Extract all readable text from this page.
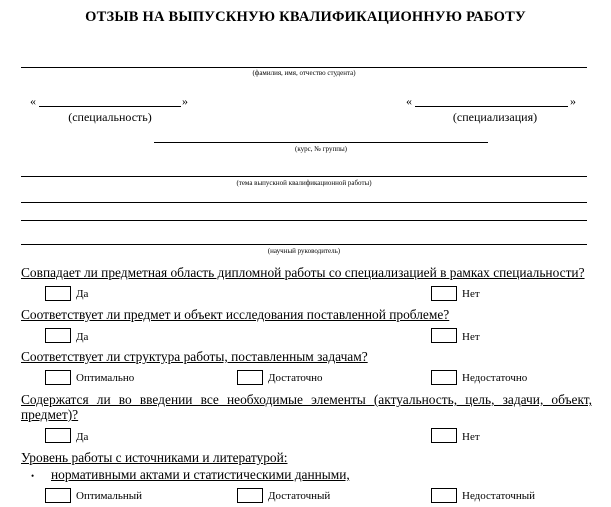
ОТЗЫВ НА ВЫПУСКНУЮ КВАЛИФИКАЦИОННУЮ РАБОТУ
(фамилия, имя, отчество студента)
«	»
(специальность)
«	»
(специализация)
(курс, № группы)
(тема выпускной квалификационной работы)
(научный руководитель)
Совпадает ли предметная область дипломной работы со специализацией в рамках специальности?
Да	Нет
Соответствует ли предмет и объект исследования поставленной проблеме?
Да	Нет
Соответствует ли структура работы, поставленным задачам?
Оптимально	Достаточно	Недостаточно
Содержатся ли во введении все необходимые элементы (актуальность, цель, задачи, объект, предмет)?
Да	Нет
Уровень работы с источниками и литературой:
• нормативными актами и статистическими данными,
Оптимальный	Достаточный	Недостаточный
